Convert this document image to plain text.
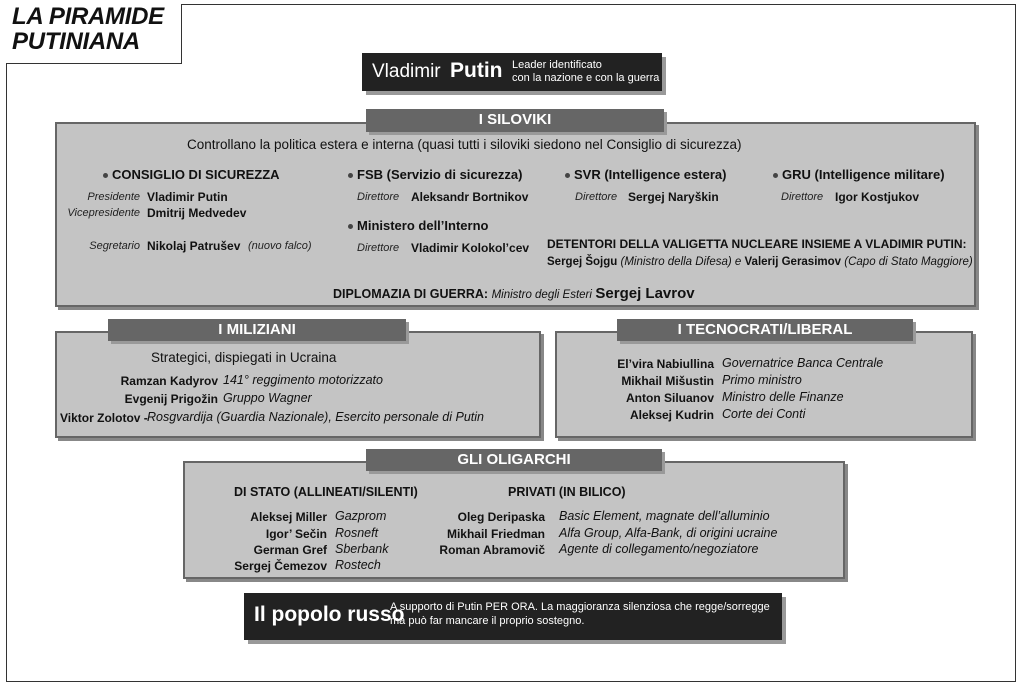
LA PIRAMIDE
PUTINIANA
Vladimir Putin Leader identificato
con la nazione e con la guerra
I SILOVIKI
Controllano la politica estera e interna (quasi tutti i siloviki siedono nel Consiglio di sicurezza)
CONSIGLIO DI SICUREZZA
Presidente Vladimir Putin
Vicepresidente Dmitrij Medvedev
Segretario Nikolaj Patrušev (nuovo falco)
FSB (Servizio di sicurezza)
Direttore Aleksandr Bortnikov
Ministero dell’Interno
Direttore Vladimir Kolokol’cev
SVR (Intelligence estera)
Direttore Sergej Naryškin
GRU (Intelligence militare)
Direttore Igor Kostjukov
DETENTORI DELLA VALIGETTA NUCLEARE INSIEME A VLADIMIR PUTIN:
Sergej Šojgu (Ministro della Difesa) e Valerij Gerasimov (Capo di Stato Maggiore)
DIPLOMAZIA DI GUERRA: Ministro degli Esteri Sergej Lavrov
I MILIZIANI
Strategici, dispiegati in Ucraina
Ramzan Kadyrov 141° reggimento motorizzato
Evgenij Prigožin Gruppo Wagner
Viktor Zolotov - Rosgvardija (Guardia Nazionale), Esercito personale di Putin
I TECNOCRATI/LIBERAL
El’vira Nabiullina Governatrice Banca Centrale
Mikhail Mišustin Primo ministro
Anton Siluanov Ministro delle Finanze
Aleksej Kudrin Corte dei Conti
GLI OLIGARCHI
DI STATO (ALLINEATI/SILENTI)	PRIVATI (IN BILICO)
Aleksej Miller Gazprom
Igor’ Sečin Rosneft
German Gref Sberbank
Sergej Čemezov Rostech
Oleg Deripaska Basic Element, magnate dell’alluminio
Mikhail Friedman Alfa Group, Alfa-Bank, di origini ucraine
Roman Abramovič Agente di collegamento/negoziatore
Il popolo russo
A supporto di Putin PER ORA. La maggioranza silenziosa che regge/sorregge
ma può far mancare il proprio sostegno.
